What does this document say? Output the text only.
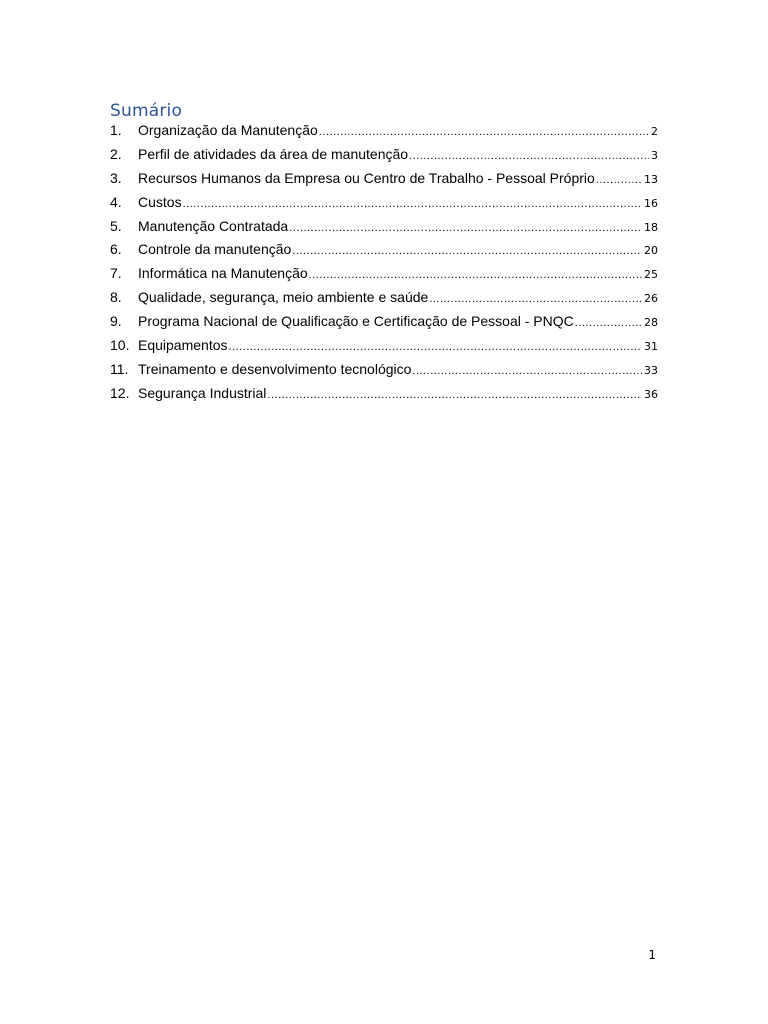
Sumário
1.	Organização da Manutenção .....	2
2.	Perfil de atividades da área de manutenção .....	3
3.	Recursos Humanos da Empresa ou Centro de Trabalho - Pessoal Próprio .....	13
4.	Custos .....	16
5.	Manutenção Contratada .....	18
6.	Controle da manutenção .....	20
7.	Informática na Manutenção .....	25
8.	Qualidade, segurança, meio ambiente e saúde .....	26
9.	Programa Nacional de Qualificação e Certificação de Pessoal - PNQC .....	28
10. Equipamentos .....	31
11. Treinamento e desenvolvimento tecnológico .....	33
12. Segurança Industrial .....	36
1
